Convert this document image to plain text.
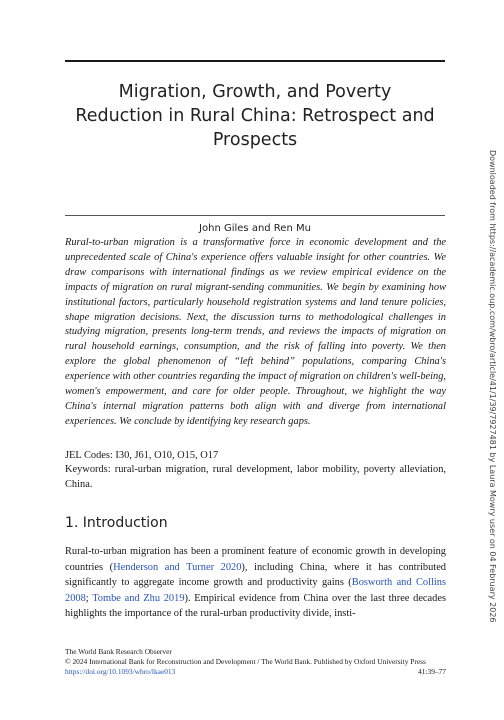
Migration, Growth, and Poverty
Reduction in Rural China: Retrospect and
Prospects
John Giles and Ren Mu

Rural-to-urban migration is a transformative force in economic development and the unprecedented scale of China's experience offers valuable insight for other countries. We draw comparisons with international findings as we review empirical evidence on the impacts of migration on rural migrant-sending communities. We begin by examining how institutional factors, particularly household registration systems and land tenure policies, shape migration decisions. Next, the discussion turns to methodological challenges in studying migration, presents long-term trends, and reviews the impacts of migration on rural household earnings, consumption, and the risk of falling into poverty. We then explore the global phenomenon of “left behind” populations, comparing China's experience with other countries regarding the impact of migration on children's well-being, women's empowerment, and care for older people. Throughout, we highlight the way China's internal migration patterns both align with and diverge from international experiences. We conclude by identifying key research gaps.

JEL Codes: I30, J61, O10, O15, O17
Keywords: rural-urban migration, rural development, labor mobility, poverty alleviation, China.
1. Introduction

Rural-to-urban migration has been a prominent feature of economic growth in developing countries (Henderson and Turner 2020), including China, where it has contributed significantly to aggregate income growth and productivity gains (Bosworth and Collins 2008; Tombe and Zhu 2019). Empirical evidence from China over the last three decades highlights the importance of the rural-urban productivity divide, insti-

The World Bank Research Observer
© 2024 International Bank for Reconstruction and Development / The World Bank. Published by Oxford University Press
https://doi.org/10.1093/wbro/lkae013	41:39–77
Downloaded from https://academic.oup.com/wbro/article/41/1/39/7927481 by Laura Mowry user on 04 February 2026
